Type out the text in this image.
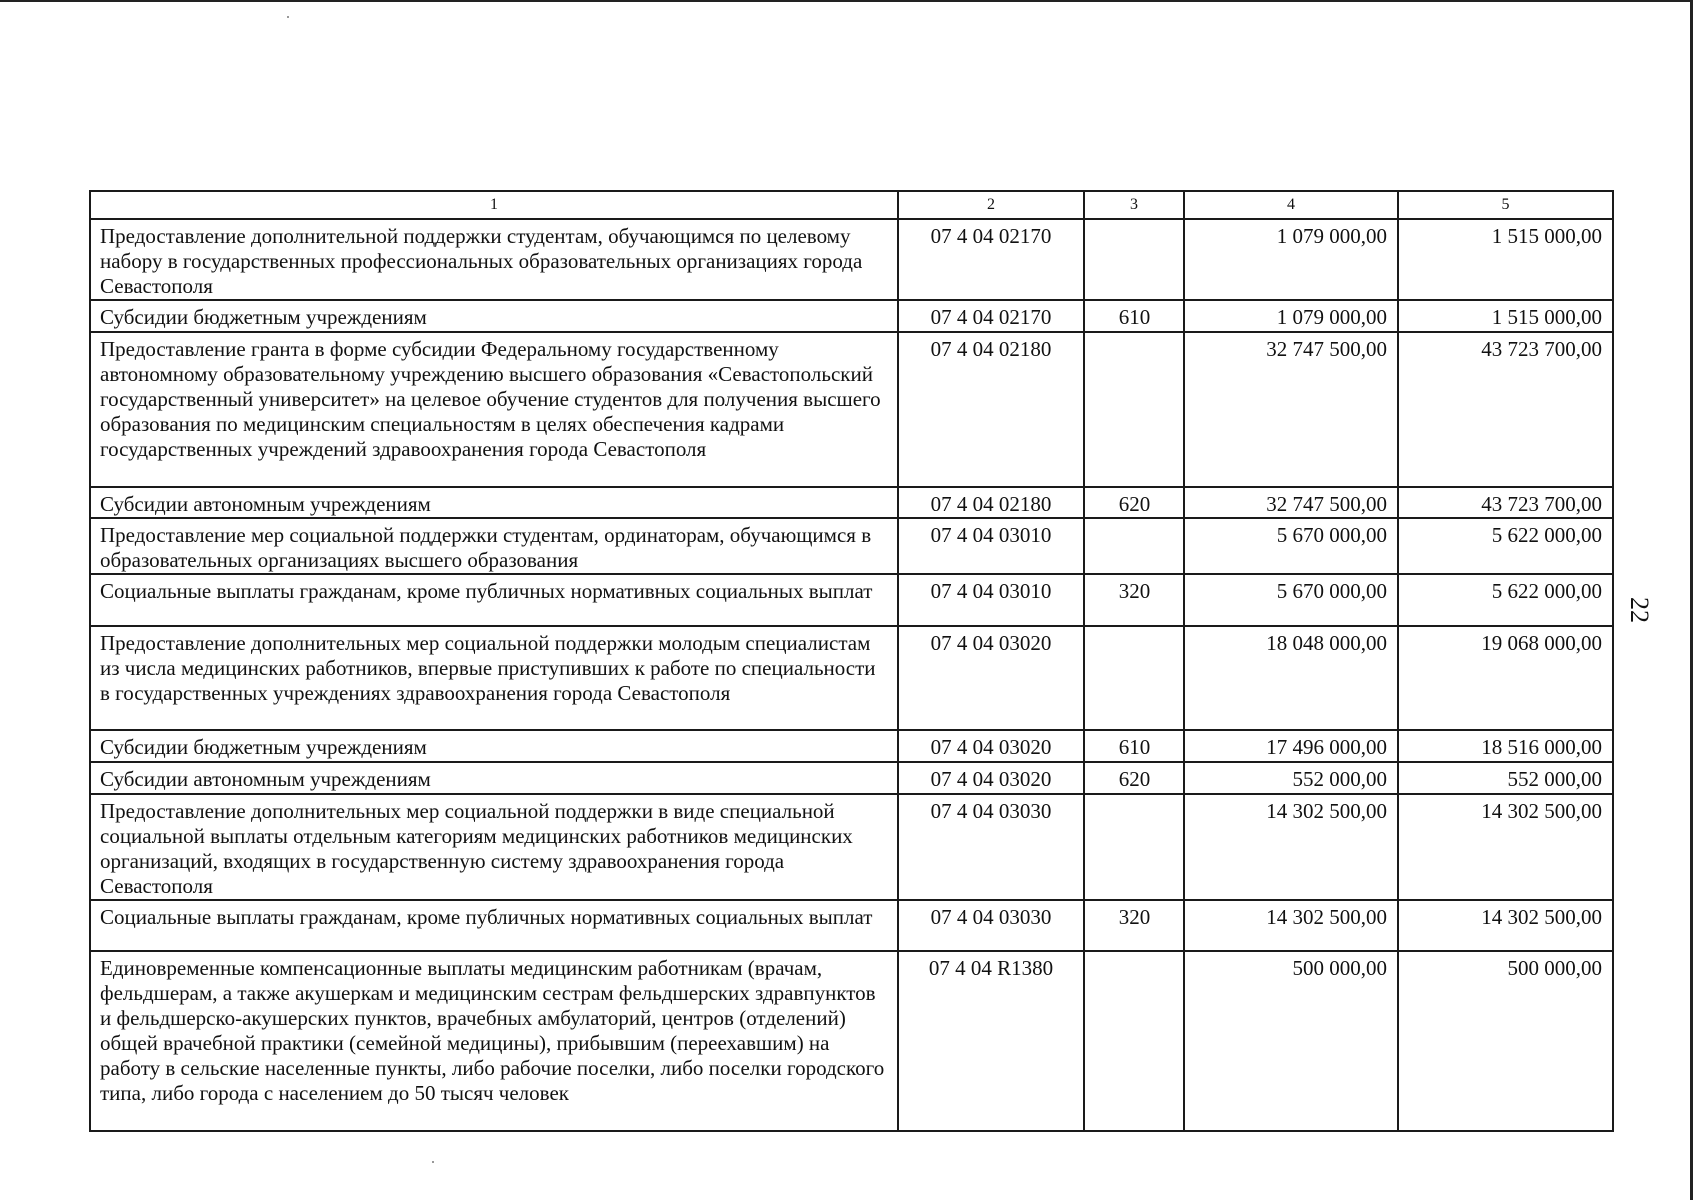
1	2	3	4	5
Предоставление дополнительной поддержки студентам, обучающимся по целевому набору в государственных профессиональных образовательных организациях города Севастополя	07 4 04 02170		1 079 000,00	1 515 000,00
Субсидии бюджетным учреждениям	07 4 04 02170	610	1 079 000,00	1 515 000,00
Предоставление гранта в форме субсидии Федеральному государственному автономному образовательному учреждению высшего образования «Севастопольский государственный университет» на целевое обучение студентов для получения высшего образования по медицинским специальностям в целях обеспечения кадрами государственных учреждений здравоохранения города Севастополя	07 4 04 02180		32 747 500,00	43 723 700,00
Субсидии автономным учреждениям	07 4 04 02180	620	32 747 500,00	43 723 700,00
Предоставление мер социальной поддержки студентам, ординаторам, обучающимся в образовательных организациях высшего образования	07 4 04 03010		5 670 000,00	5 622 000,00
Социальные выплаты гражданам, кроме публичных нормативных социальных выплат	07 4 04 03010	320	5 670 000,00	5 622 000,00
Предоставление дополнительных мер социальной поддержки молодым специалистам из числа медицинских работников, впервые приступивших к работе по специальности в государственных учреждениях здравоохранения города Севастополя	07 4 04 03020		18 048 000,00	19 068 000,00
Субсидии бюджетным учреждениям	07 4 04 03020	610	17 496 000,00	18 516 000,00
Субсидии автономным учреждениям	07 4 04 03020	620	552 000,00	552 000,00
Предоставление дополнительных мер социальной поддержки в виде специальной социальной выплаты отдельным категориям медицинских работников медицинских организаций, входящих в государственную систему здравоохранения города Севастополя	07 4 04 03030		14 302 500,00	14 302 500,00
Социальные выплаты гражданам, кроме публичных нормативных социальных выплат	07 4 04 03030	320	14 302 500,00	14 302 500,00
Единовременные компенсационные выплаты медицинским работникам (врачам, фельдшерам, а также акушеркам и медицинским сестрам фельдшерских здравпунктов и фельдшерско-акушерских пунктов, врачебных амбулаторий, центров (отделений) общей врачебной практики (семейной медицины), прибывшим (переехавшим) на работу в сельские населенные пункты, либо рабочие поселки, либо поселки городского типа, либо города с населением до 50 тысяч человек	07 4 04 R1380		500 000,00	500 000,00
22
